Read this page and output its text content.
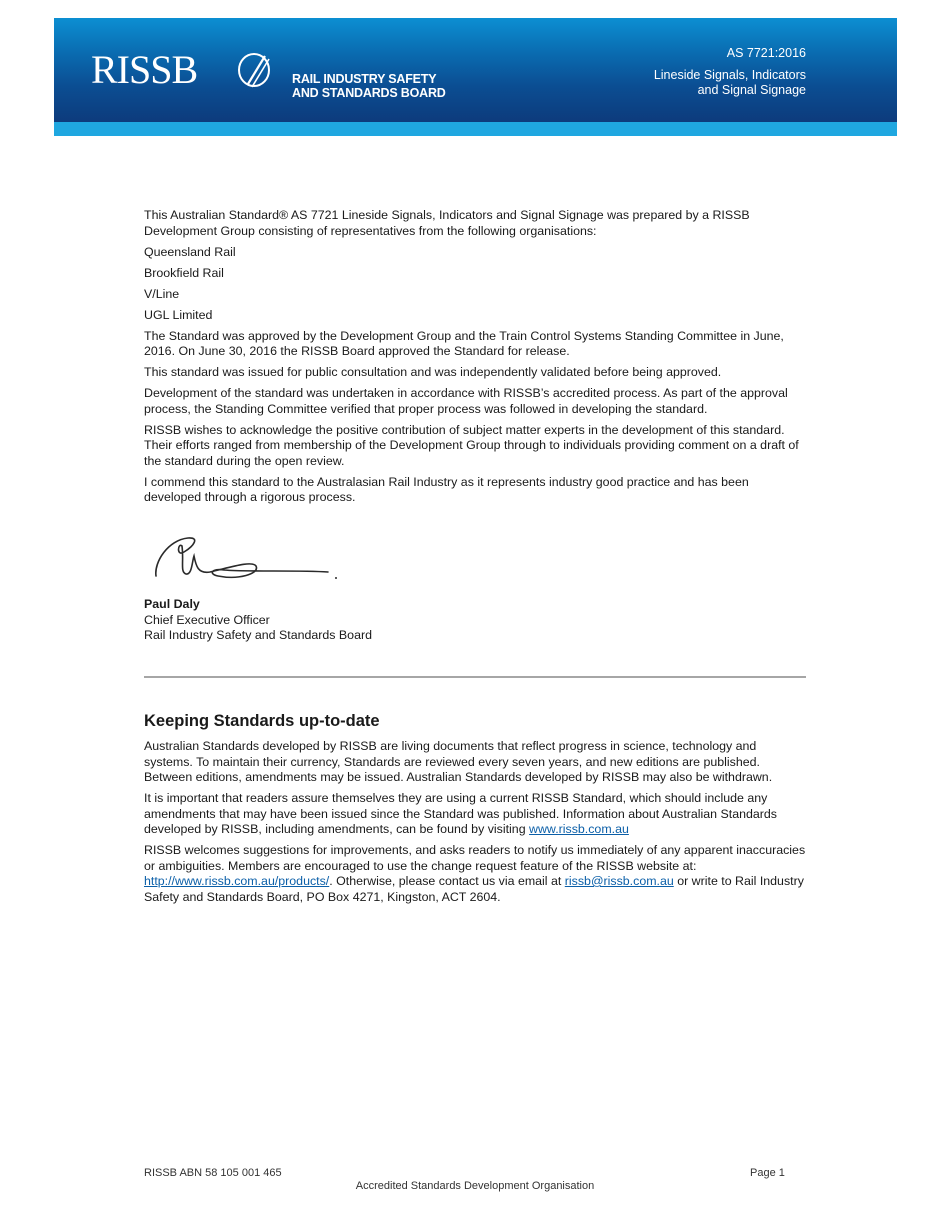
RISSB	RAIL INDUSTRY SAFETY
AND STANDARDS BOARD
AS 7721:2016
Lineside Signals, Indicators
and Signal Signage

This Australian Standard® AS 7721 Lineside Signals, Indicators and Signal Signage was prepared by a RISSB Development Group consisting of representatives from the following organisations:

Queensland Rail

Brookfield Rail

V/Line

UGL Limited

The Standard was approved by the Development Group and the Train Control Systems Standing Committee in June, 2016. On June 30, 2016 the RISSB Board approved the Standard for release.

This standard was issued for public consultation and was independently validated before being approved.

Development of the standard was undertaken in accordance with RISSB’s accredited process. As part of the approval process, the Standing Committee verified that proper process was followed in developing the standard.

RISSB wishes to acknowledge the positive contribution of subject matter experts in the development of this standard. Their efforts ranged from membership of the Development Group through to individuals providing comment on a draft of the standard during the open review.

I commend this standard to the Australasian Rail Industry as it represents industry good practice and has been developed through a rigorous process.

Paul Daly
Chief Executive Officer
Rail Industry Safety and Standards Board
Keeping Standards up-to-date

Australian Standards developed by RISSB are living documents that reflect progress in science, technology and systems. To maintain their currency, Standards are reviewed every seven years, and new editions are published. Between editions, amendments may be issued. Australian Standards developed by RISSB may also be withdrawn.

It is important that readers assure themselves they are using a current RISSB Standard, which should include any amendments that may have been issued since the Standard was published. Information about Australian Standards developed by RISSB, including amendments, can be found by visiting www.rissb.com.au

RISSB welcomes suggestions for improvements, and asks readers to notify us immediately of any apparent inaccuracies or ambiguities. Members are encouraged to use the change request feature of the RISSB website at: http://www.rissb.com.au/products/. Otherwise, please contact us via email at rissb@rissb.com.au or write to Rail Industry Safety and Standards Board, PO Box 4271, Kingston, ACT 2604.

RISSB ABN 58 105 001 465	Page 1
Accredited Standards Development Organisation
